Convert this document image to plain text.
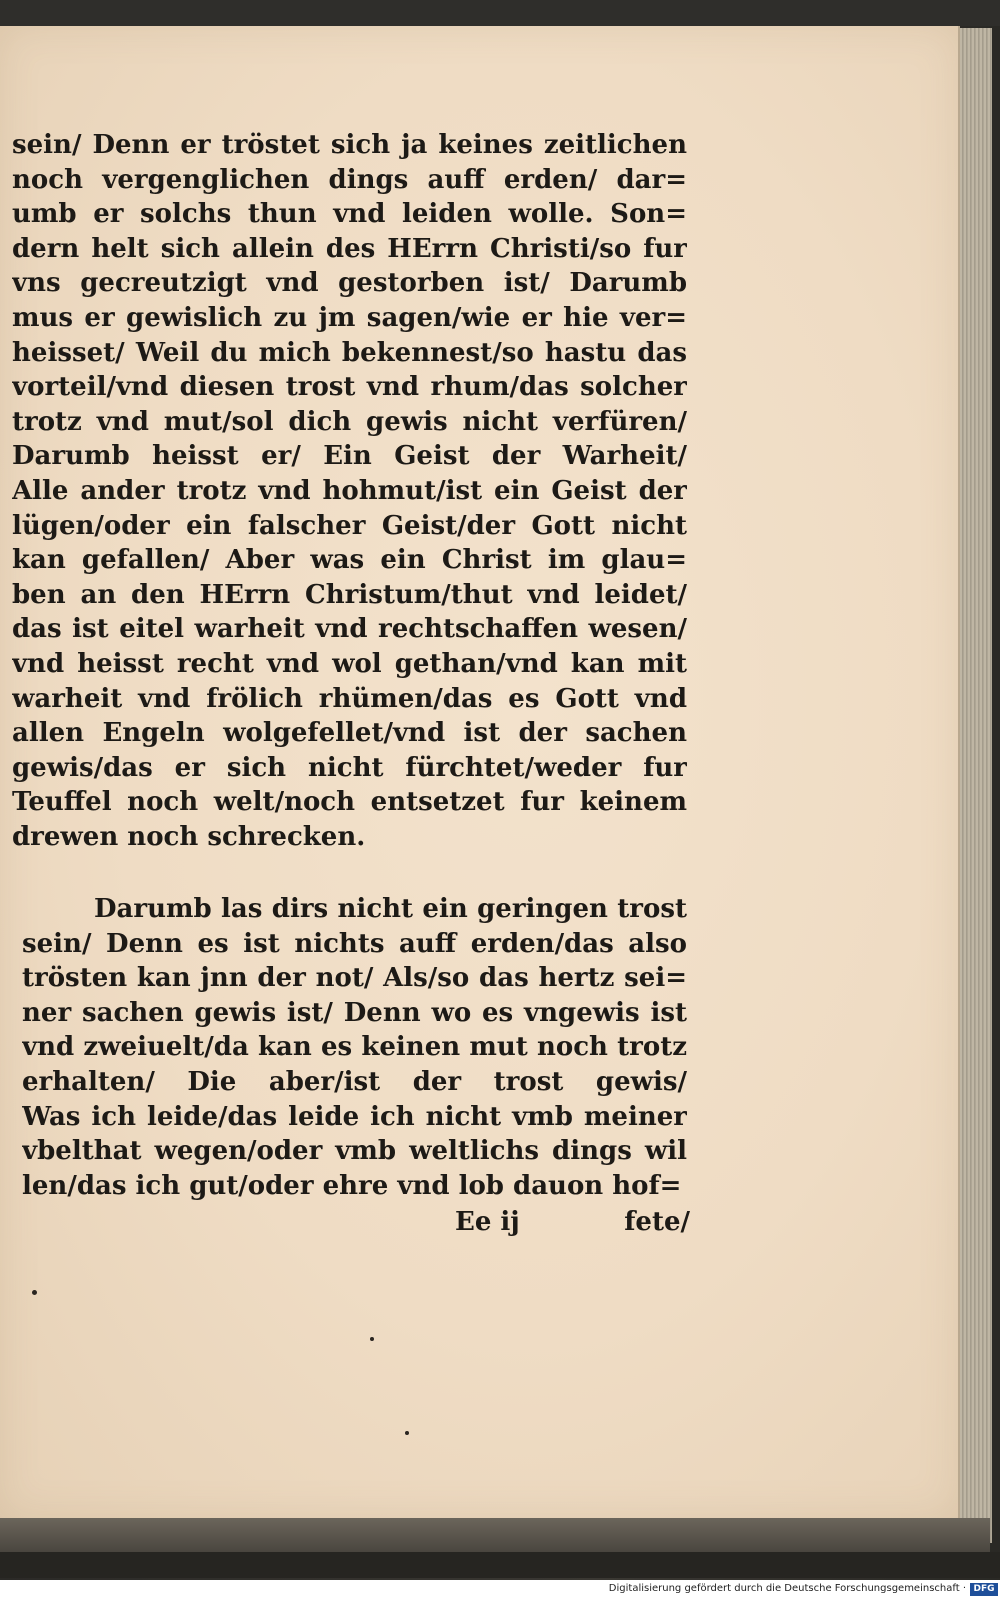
sein/ Denn er tröstet sich ja keines zeitlichen
noch vergenglichen dings auff erden/ dar=
umb er solchs thun vnd leiden wolle. Son=
dern helt sich allein des HErrn Christi/so fur
vns gecreutzigt vnd gestorben ist/ Darumb
mus er gewislich zu jm sagen/wie er hie ver=
heisset/ Weil du mich bekennest/so hastu das
vorteil/vnd diesen trost vnd rhum/das solcher
trotz vnd mut/sol dich gewis nicht verfüren/
Darumb heisst er/ Ein Geist der Warheit/
Alle ander trotz vnd hohmut/ist ein Geist der
lügen/oder ein falscher Geist/der Gott nicht
kan gefallen/ Aber was ein Christ im glau=
ben an den HErrn Christum/thut vnd leidet/
das ist eitel warheit vnd rechtschaffen wesen/
vnd heisst recht vnd wol gethan/vnd kan mit
warheit vnd frölich rhümen/das es Gott vnd
allen Engeln wolgefellet/vnd ist der sachen
gewis/das er sich nicht fürchtet/weder fur
Teuffel noch welt/noch entsetzet fur keinem
drewen noch schrecken.
Darumb las dirs nicht ein geringen trost
sein/ Denn es ist nichts auff erden/das also
trösten kan jnn der not/ Als/so das hertz sei=
ner sachen gewis ist/ Denn wo es vngewis ist
vnd zweiuelt/da kan es keinen mut noch trotz
erhalten/ Die aber/ist der trost gewis/
Was ich leide/das leide ich nicht vmb meiner
vbelthat wegen/oder vmb weltlichs dings wil
len/das ich gut/oder ehre vnd lob dauon hof=
Ee ij	fete/
Digitalisierung gefördert durch die Deutsche Forschungsgemeinschaft · DFG
